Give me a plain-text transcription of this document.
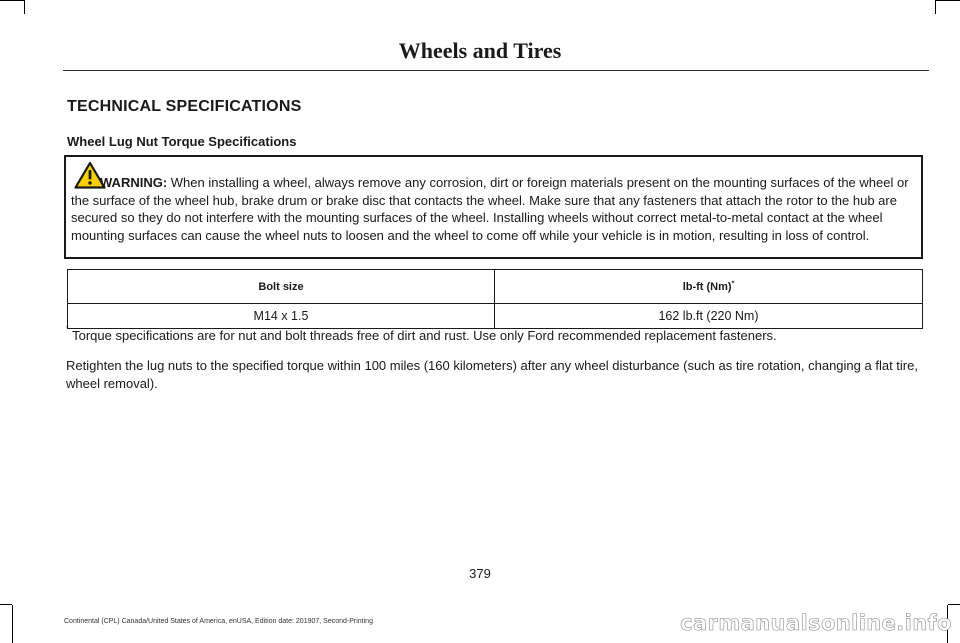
Wheels and Tires
TECHNICAL SPECIFICATIONS
Wheel Lug Nut Torque Specifications
WARNING: When installing a wheel, always remove any corrosion, dirt or foreign materials present on the mounting surfaces of the wheel or the surface of the wheel hub, brake drum or brake disc that contacts the wheel. Make sure that any fasteners that attach the rotor to the hub are secured so they do not interfere with the mounting surfaces of the wheel. Installing wheels without correct metal-to-metal contact at the wheel mounting surfaces can cause the wheel nuts to loosen and the wheel to come off while your vehicle is in motion, resulting in loss of control.
Bolt size	lb-ft (Nm)*
M14 x 1.5	162 lb.ft (220 Nm)
* Torque specifications are for nut and bolt threads free of dirt and rust. Use only Ford recommended replacement fasteners.
Retighten the lug nuts to the specified torque within 100 miles (160 kilometers) after any wheel disturbance (such as tire rotation, changing a flat tire, wheel removal).
379
Continental (CPL) Canada/United States of America, enUSA, Edition date: 201907, Second-Printing	carmanualsonline.info
